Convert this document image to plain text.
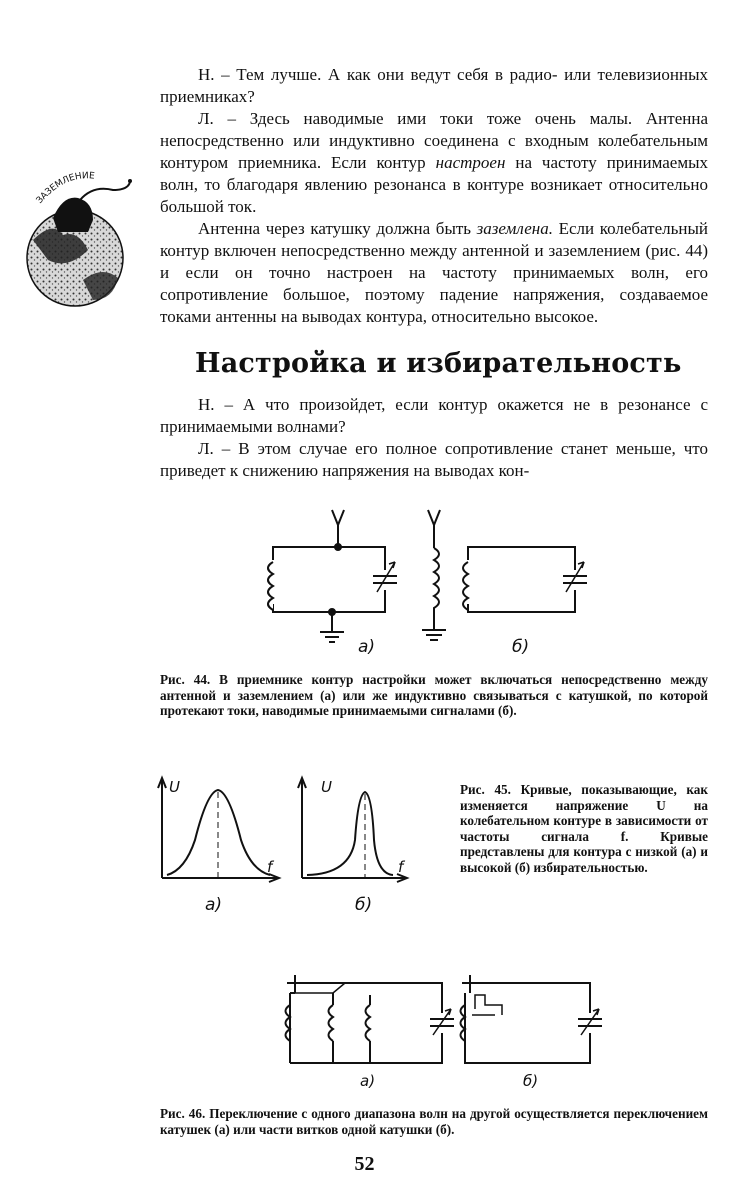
Н. – Тем лучше. А как они ведут себя в радио- или телевизионных приемниках?

Л. – Здесь наводимые ими токи тоже очень малы. Антенна непосредственно или индуктивно соединена с входным колебательным контуром приемника. Если контур настроен на частоту принимаемых волн, то благодаря явлению резонанса в контуре возникает относительно большой ток.

Антенна через катушку должна быть заземлена. Если колебательный контур включен непосредственно между антенной и заземлением (рис. 44) и если он точно настроен на частоту принимаемых волн, его сопротивление большое, поэтому падение напряжения, создаваемое токами антенны на выводах контура, относительно высокое.

ЗАЗЕМЛЕНИЕ
Настройка и избирательность

Н. – А что произойдет, если контур окажется не в резонансе с принимаемыми волнами?

Л. – В этом случае его полное сопротивление станет меньше, что приведет к снижению напряжения на выводах кон-

а)	б)
Рис. 44. В приемнике контур настройки может включаться непосредственно между антенной и заземлением (а) или же индуктивно связываться с катушкой, по которой протекают токи, наводимые принимаемыми сигналами (б).
U
f
U
f
а)	б)
Рис. 45. Кривые, показывающие, как изменяется напряжение U на колебательном контуре в зависимости от частоты сигнала f. Кривые представлены для контура с низкой (а) и высокой (б) избирательностью.
а)	б)
Рис. 46. Переключение с одного диапазона волн на другой осуществляется переключением катушек (а) или части витков одной катушки (б).
52
